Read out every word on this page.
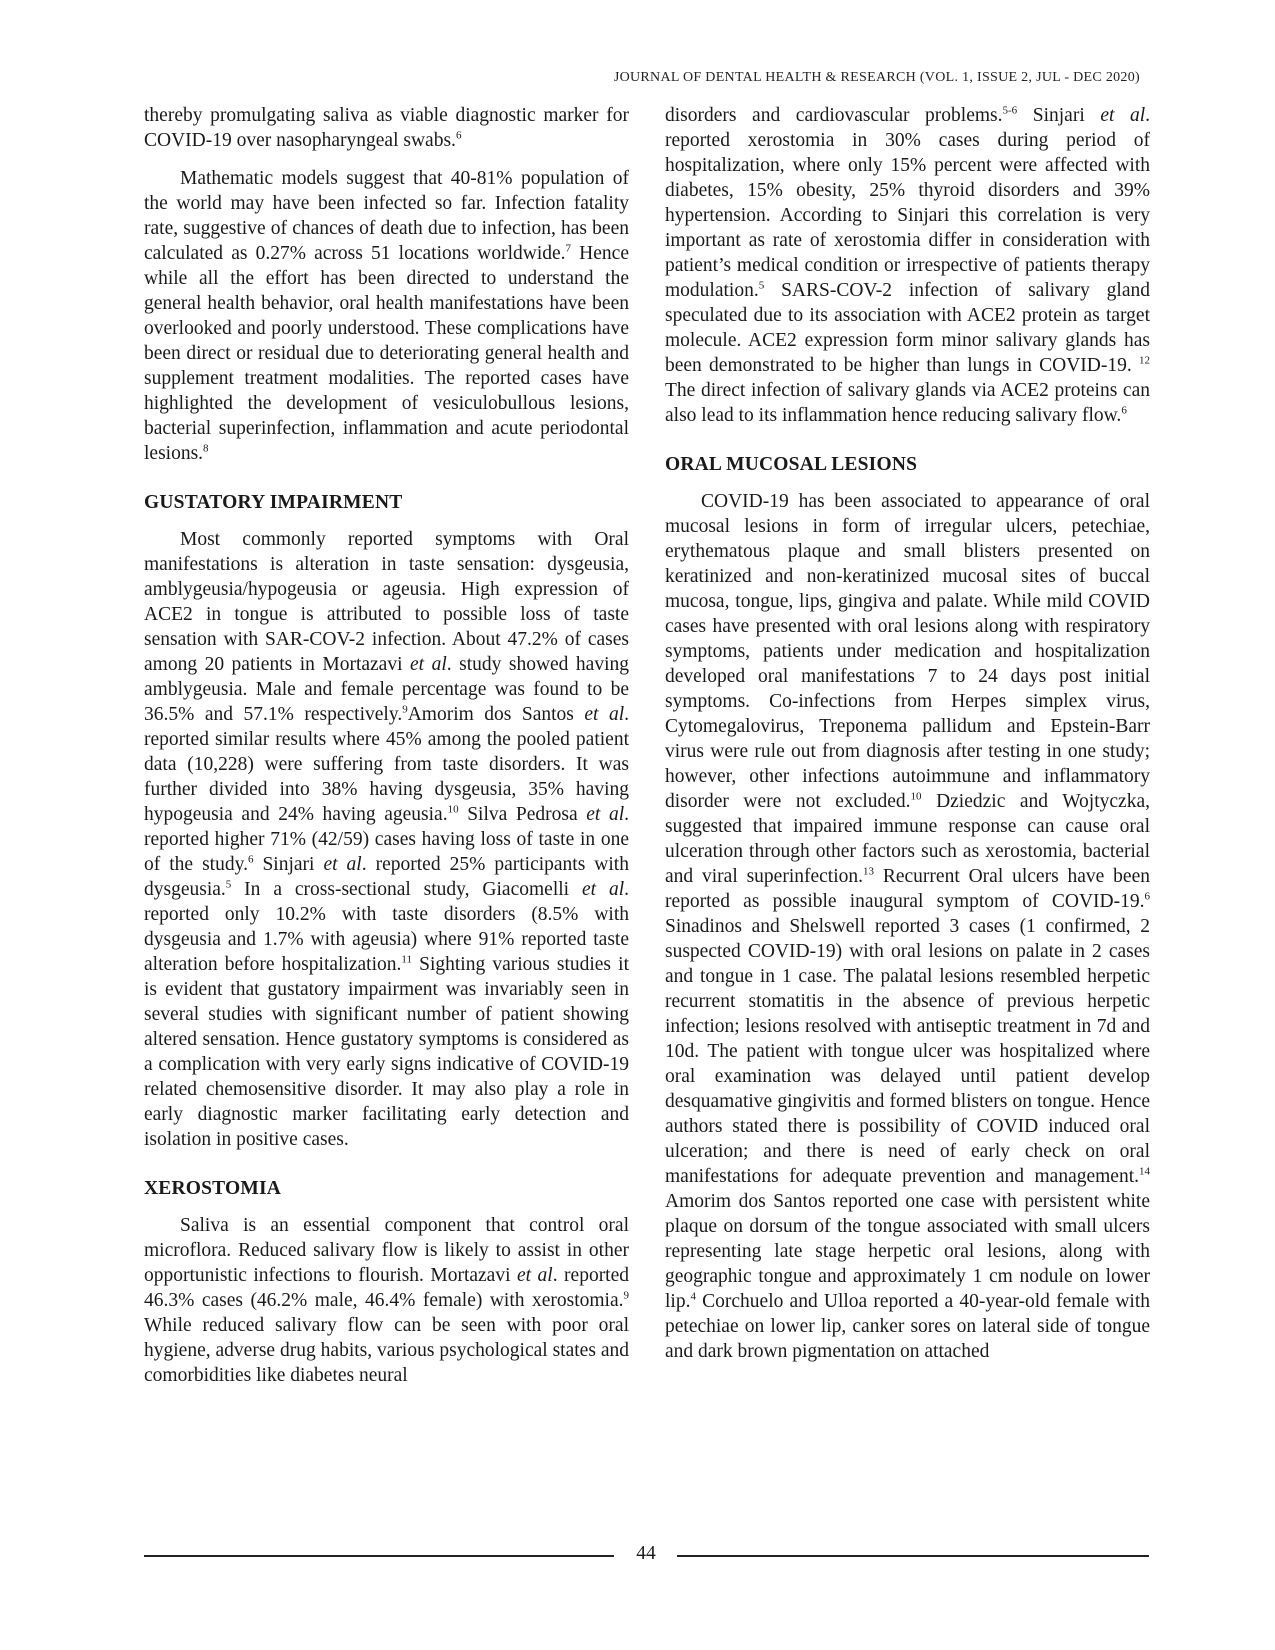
JOURNAL OF DENTAL HEALTH & RESEARCH (VOL. 1, ISSUE 2, JUL - DEC 2020)

thereby promulgating saliva as viable diagnostic marker for COVID-19 over nasopharyngeal swabs.$^6$

Mathematic models suggest that 40-81% population of the world may have been infected so far. Infection fatality rate, suggestive of chances of death due to infection, has been calculated as 0.27% across 51 locations worldwide.$^7$ Hence while all the effort has been directed to understand the general health behavior, oral health manifestations have been overlooked and poorly understood. These complications have been direct or residual due to deteriorating general health and supplement treatment modalities. The reported cases have highlighted the development of vesiculobullous lesions, bacterial superinfection, inflammation and acute periodontal lesions.$^8$

GUSTATORY IMPAIRMENT

Most commonly reported symptoms with Oral manifestations is alteration in taste sensation: dysgeusia, amblygeusia/hypogeusia or ageusia. High expression of ACE2 in tongue is attributed to possible loss of taste sensation with SAR-COV-2 infection. About 47.2% of cases among 20 patients in Mortazavi et al. study showed having amblygeusia. Male and female percentage was found to be 36.5% and 57.1% respectively.$^9$Amorim dos Santos et al. reported similar results where 45% among the pooled patient data (10,228) were suffering from taste disorders. It was further divided into 38% having dysgeusia, 35% having hypogeusia and 24% having ageusia.$^{10}$ Silva Pedrosa et al. reported higher 71% (42/59) cases having loss of taste in one of the study.$^6$ Sinjari et al. reported 25% participants with dysgeusia.$^5$ In a cross-sectional study, Giacomelli et al. reported only 10.2% with taste disorders (8.5% with dysgeusia and 1.7% with ageusia) where 91% reported taste alteration before hospitalization.$^{11}$ Sighting various studies it is evident that gustatory impairment was invariably seen in several studies with significant number of patient showing altered sensation. Hence gustatory symptoms is considered as a complication with very early signs indicative of COVID-19 related chemosensitive disorder. It may also play a role in early diagnostic marker facilitating early detection and isolation in positive cases.

XEROSTOMIA

Saliva is an essential component that control oral microflora. Reduced salivary flow is likely to assist in other opportunistic infections to flourish. Mortazavi et al. reported 46.3% cases (46.2% male, 46.4% female) with xerostomia.$^9$ While reduced salivary flow can be seen with poor oral hygiene, adverse drug habits, various psychological states and comorbidities like diabetes neural

disorders and cardiovascular problems.$^{5-6}$ Sinjari et al. reported xerostomia in 30% cases during period of hospitalization, where only 15% percent were affected with diabetes, 15% obesity, 25% thyroid disorders and 39% hypertension. According to Sinjari this correlation is very important as rate of xerostomia differ in consideration with patient’s medical condition or irrespective of patients therapy modulation.$^5$ SARS-COV-2 infection of salivary gland speculated due to its association with ACE2 protein as target molecule. ACE2 expression form minor salivary glands has been demonstrated to be higher than lungs in COVID-19. $^{12}$ The direct infection of salivary glands via ACE2 proteins can also lead to its inflammation hence reducing salivary flow.$^6$

ORAL MUCOSAL LESIONS

COVID-19 has been associated to appearance of oral mucosal lesions in form of irregular ulcers, petechiae, erythematous plaque and small blisters presented on keratinized and non-keratinized mucosal sites of buccal mucosa, tongue, lips, gingiva and palate. While mild COVID cases have presented with oral lesions along with respiratory symptoms, patients under medication and hospitalization developed oral manifestations 7 to 24 days post initial symptoms. Co-infections from Herpes simplex virus, Cytomegalovirus, Treponema pallidum and Epstein-Barr virus were rule out from diagnosis after testing in one study; however, other infections autoimmune and inflammatory disorder were not excluded.$^{10}$ Dziedzic and Wojtyczka, suggested that impaired immune response can cause oral ulceration through other factors such as xerostomia, bacterial and viral superinfection.$^{13}$ Recurrent Oral ulcers have been reported as possible inaugural symptom of COVID-19.$^6$ Sinadinos and Shelswell reported 3 cases (1 confirmed, 2 suspected COVID-19) with oral lesions on palate in 2 cases and tongue in 1 case. The palatal lesions resembled herpetic recurrent stomatitis in the absence of previous herpetic infection; lesions resolved with antiseptic treatment in 7d and 10d. The patient with tongue ulcer was hospitalized where oral examination was delayed until patient develop desquamative gingivitis and formed blisters on tongue. Hence authors stated there is possibility of COVID induced oral ulceration; and there is need of early check on oral manifestations for adequate prevention and management.$^{14}$ Amorim dos Santos reported one case with persistent white plaque on dorsum of the tongue associated with small ulcers representing late stage herpetic oral lesions, along with geographic tongue and approximately 1 cm nodule on lower lip.$^4$ Corchuelo and Ulloa reported a 40-year-old female with petechiae on lower lip, canker sores on lateral side of tongue and dark brown pigmentation on attached

44
